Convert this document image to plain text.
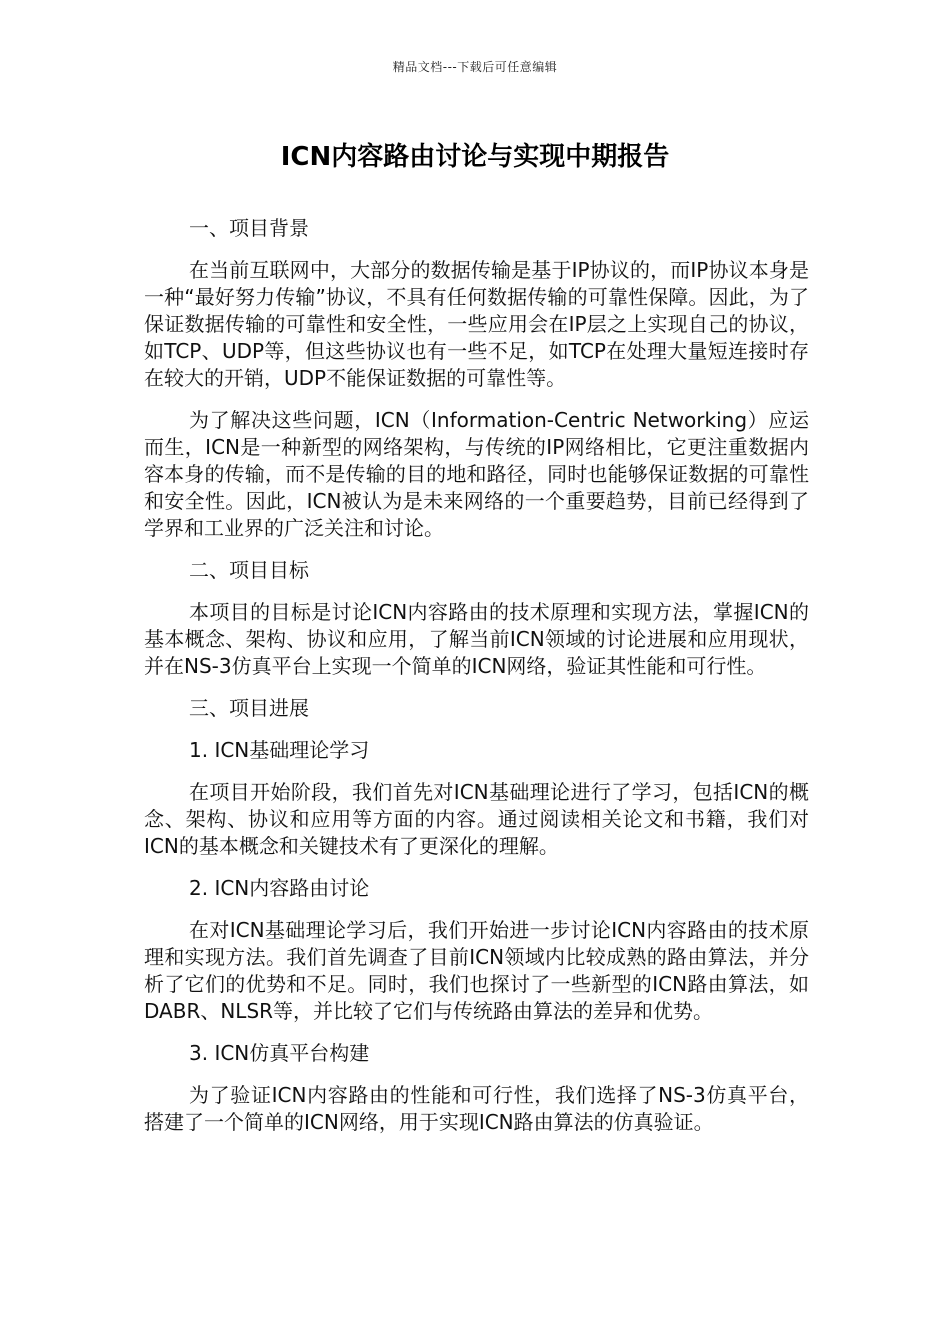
精品文档---下载后可任意编辑
ICN内容路由讨论与实现中期报告

一、项目背景

在当前互联网中，大部分的数据传输是基于IP协议的，而IP协议本身是一种“最好努力传输”协议，不具有任何数据传输的可靠性保障。因此，为了保证数据传输的可靠性和安全性，一些应用会在IP层之上实现自己的协议，如TCP、UDP等，但这些协议也有一些不足，如TCP在处理大量短连接时存在较大的开销，UDP不能保证数据的可靠性等。

为了解决这些问题，ICN（Information-Centric Networking）应运而生，ICN是一种新型的网络架构，与传统的IP网络相比，它更注重数据内容本身的传输，而不是传输的目的地和路径，同时也能够保证数据的可靠性和安全性。因此，ICN被认为是未来网络的一个重要趋势，目前已经得到了学界和工业界的广泛关注和讨论。

二、项目目标

本项目的目标是讨论ICN内容路由的技术原理和实现方法，掌握ICN的基本概念、架构、协议和应用，了解当前ICN领域的讨论进展和应用现状，并在NS-3仿真平台上实现一个简单的ICN网络，验证其性能和可行性。

三、项目进展

1. ICN基础理论学习

在项目开始阶段，我们首先对ICN基础理论进行了学习，包括ICN的概念、架构、协议和应用等方面的内容。通过阅读相关论文和书籍，我们对ICN的基本概念和关键技术有了更深化的理解。

2. ICN内容路由讨论

在对ICN基础理论学习后，我们开始进一步讨论ICN内容路由的技术原理和实现方法。我们首先调查了目前ICN领域内比较成熟的路由算法，并分析了它们的优势和不足。同时，我们也探讨了一些新型的ICN路由算法，如DABR、NLSR等，并比较了它们与传统路由算法的差异和优势。

3. ICN仿真平台构建

为了验证ICN内容路由的性能和可行性，我们选择了NS-3仿真平台，搭建了一个简单的ICN网络，用于实现ICN路由算法的仿真验证。
